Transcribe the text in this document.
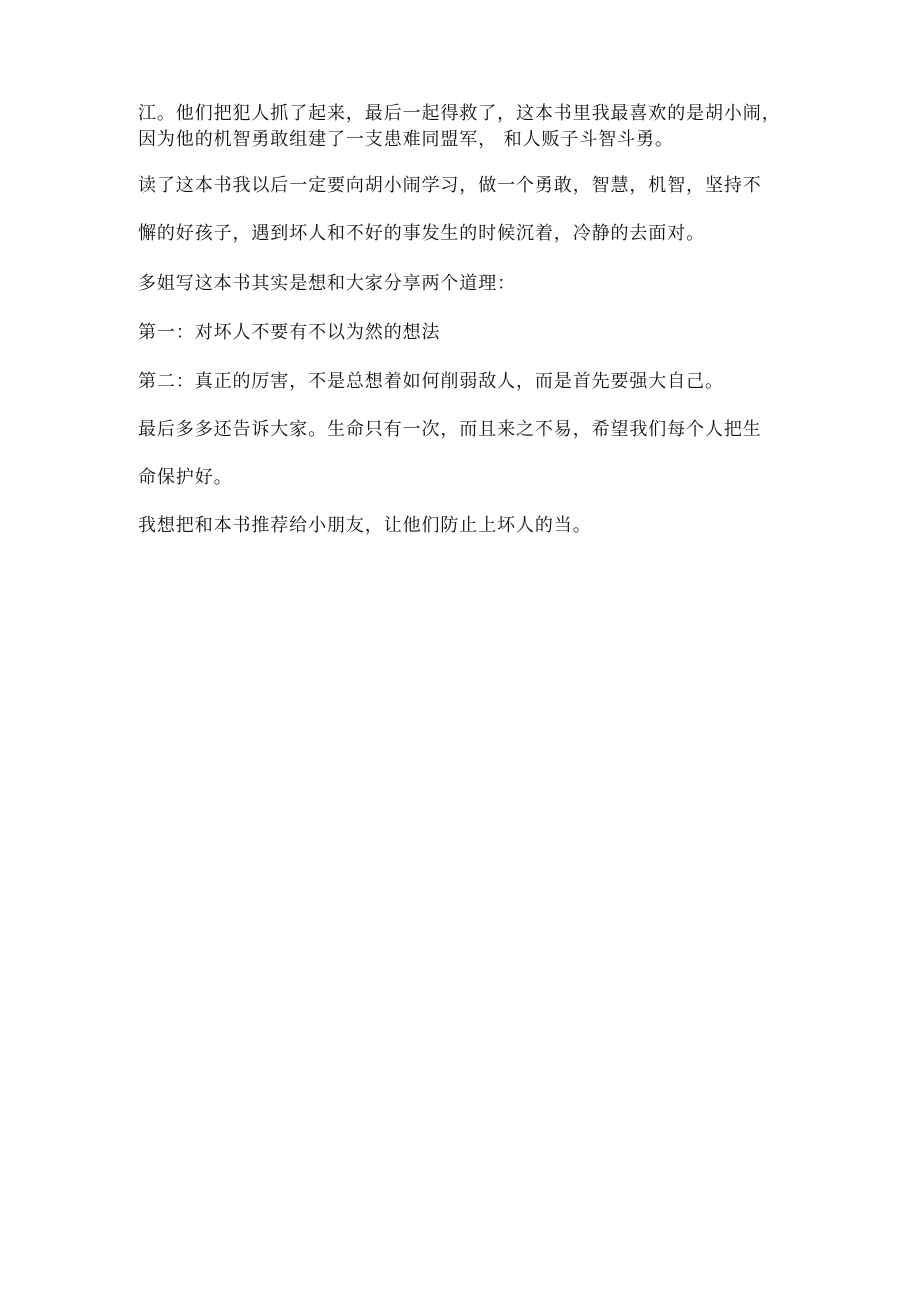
江。他们把犯人抓了起来，最后一起得救了，这本书里我最喜欢的是胡小闹，
因为他的机智勇敢组建了一支患难同盟军， 和人贩子斗智斗勇。
读了这本书我以后一定要向胡小闹学习，做一个勇敢，智慧，机智，坚持不
懈的好孩子，遇到坏人和不好的事发生的时候沉着，冷静的去面对。
多姐写这本书其实是想和大家分享两个道理：
第一：对坏人不要有不以为然的想法
第二：真正的厉害，不是总想着如何削弱敌人，而是首先要强大自己。
最后多多还告诉大家。生命只有一次，而且来之不易，希望我们每个人把生
命保护好。
我想把和本书推荐给小朋友，让他们防止上坏人的当。
